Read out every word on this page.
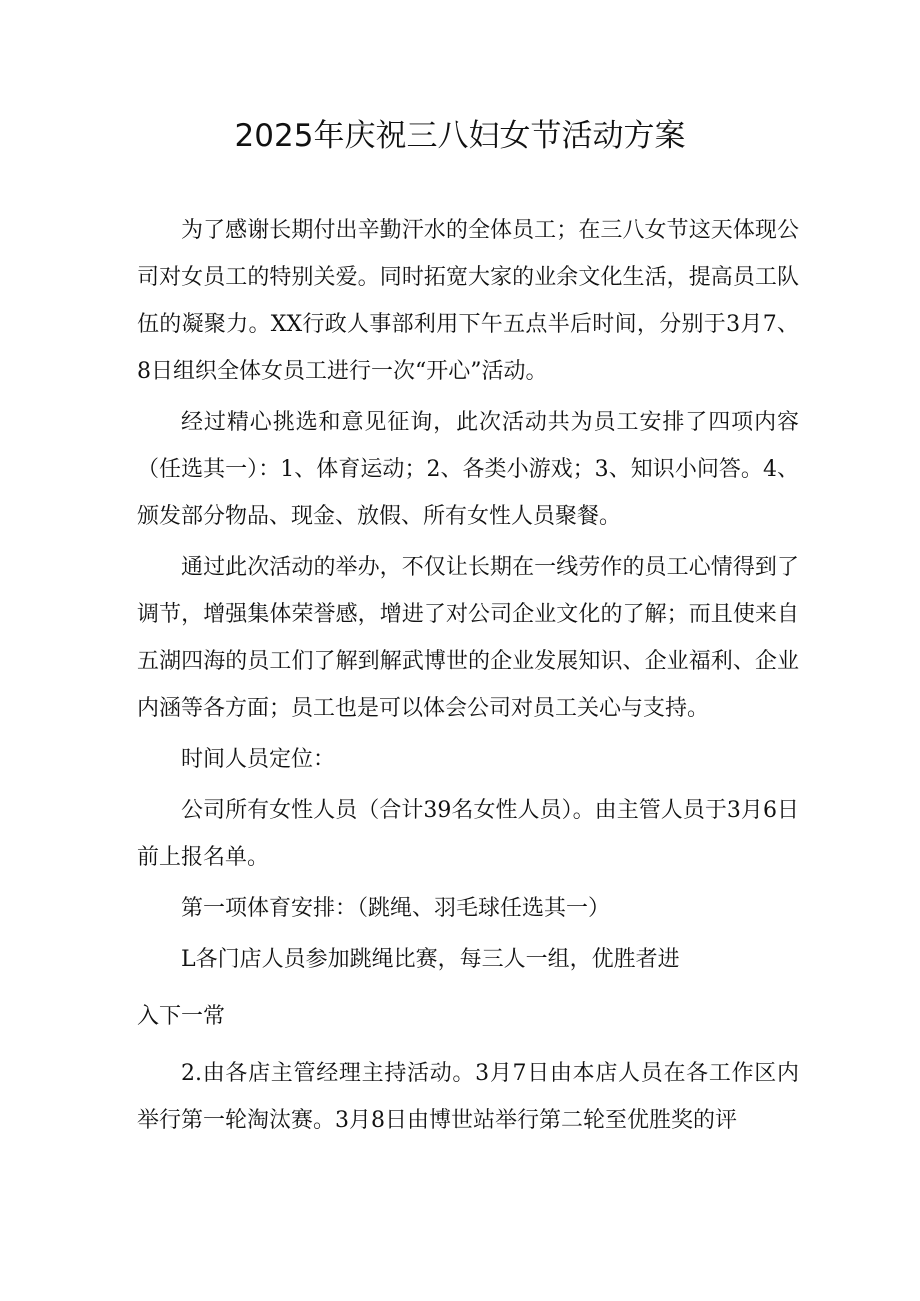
2025年庆祝三八妇女节活动方案

为了感谢长期付出辛勤汗水的全体员工；在三八女节这天体现公司对女员工的特别关爱。同时拓宽大家的业余文化生活，提高员工队伍的凝聚力。XX行政人事部利用下午五点半后时间，分别于3月7、8日组织全体女员工进行一次“开心”活动。

经过精心挑选和意见征询，此次活动共为员工安排了四项内容（任选其一）：1、体育运动；2、各类小游戏；3、知识小问答。4、颁发部分物品、现金、放假、所有女性人员聚餐。

通过此次活动的举办，不仅让长期在一线劳作的员工心情得到了调节，增强集体荣誉感，增进了对公司企业文化的了解；而且使来自五湖四海的员工们了解到解武博世的企业发展知识、企业福利、企业内涵等各方面；员工也是可以体会公司对员工关心与支持。

时间人员定位：

公司所有女性人员（合计39名女性人员）。由主管人员于3月6日前上报名单。

第一项体育安排：（跳绳、羽毛球任选其一）

L各门店人员参加跳绳比赛，每三人一组，优胜者进

入下一常

2.由各店主管经理主持活动。3月7日由本店人员在各工作区内举行第一轮淘汰赛。3月8日由博世站举行第二轮至优胜奖的评
